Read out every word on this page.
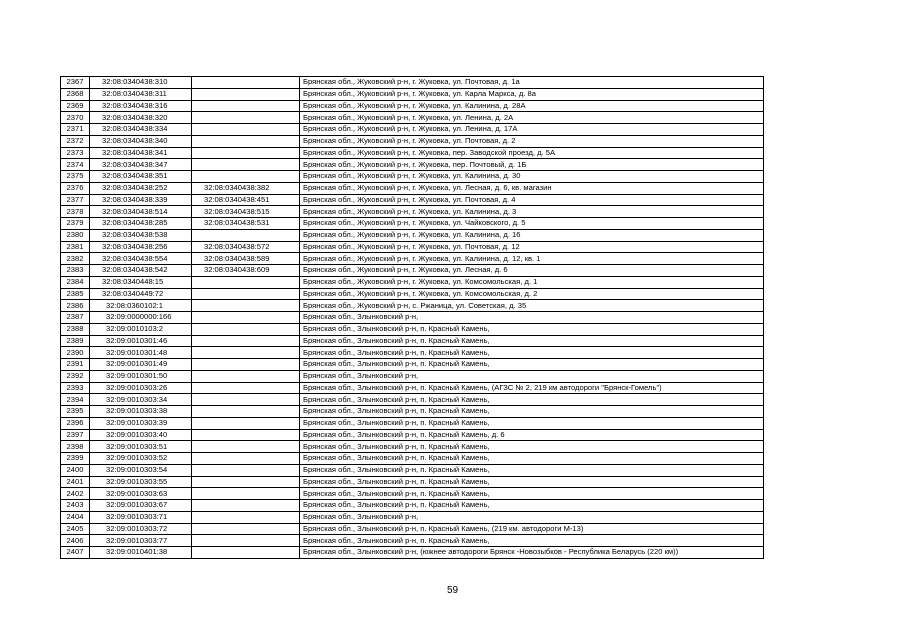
2367	32:08:0340438:310		Брянская обл., Жуковский р-н, г. Жуковка, ул. Почтовая, д. 1а
2368	32:08:0340438:311		Брянская обл., Жуковский р-н, г. Жуковка, ул. Карла Маркса, д. 8а
2369	32:08:0340438:316		Брянская обл., Жуковский р-н, г. Жуковка, ул. Калинина, д. 28А
2370	32:08:0340438:320		Брянская обл., Жуковский р-н, г. Жуковка, ул. Ленина, д. 2А
2371	32:08:0340438:334		Брянская обл., Жуковский р-н, г. Жуковка, ул. Ленина, д. 17А
2372	32:08:0340438:340		Брянская обл., Жуковский р-н, г. Жуковка, ул. Почтовая, д. 2
2373	32:08:0340438:341		Брянская обл., Жуковский р-н, г. Жуковка, пер. Заводской проезд, д. 5А
2374	32:08:0340438:347		Брянская обл., Жуковский р-н, г. Жуковка, пер. Почтовый, д. 1Б
2375	32:08:0340438:351		Брянская обл., Жуковский р-н, г. Жуковка, ул. Калинина, д. 30
2376	32:08:0340438:252	32:08:0340438:382	Брянская обл., Жуковский р-н, г. Жуковка, ул. Лесная, д. 6, кв. магазин
2377	32:08:0340438:339	32:08:0340438:451	Брянская обл., Жуковский р-н, г. Жуковка, ул. Почтовая, д. 4
2378	32:08:0340438:514	32:08:0340438:515	Брянская обл., Жуковский р-н, г. Жуковка, ул. Калинина, д. 3
2379	32:08:0340438:285	32:08:0340438:531	Брянская обл., Жуковский р-н, г. Жуковка, ул. Чайковского, д. 5
2380	32:08:0340438:538		Брянская обл., Жуковский р-н, г. Жуковка, ул. Калинина, д. 16
2381	32:08:0340438:256	32:08:0340438:572	Брянская обл., Жуковский р-н, г. Жуковка, ул. Почтовая, д. 12
2382	32:08:0340438:554	32:08:0340438:589	Брянская обл., Жуковский р-н, г. Жуковка, ул. Калинина, д. 12, кв. 1
2383	32:08:0340438:542	32:08:0340438:609	Брянская обл., Жуковский р-н, г. Жуковка, ул. Лесная, д. 6
2384	32:08:0340448:15		Брянская обл., Жуковский р-н, г. Жуковка, ул. Комсомольская, д. 1
2385	32:08:0340449:72		Брянская обл., Жуковский р-н, г. Жуковка, ул. Комсомольская, д. 2
2386	32:08:0360102:1		Брянская обл., Жуковский р-н, с. Ржаница, ул. Советская, д. 35
2387	32:09:0000000:166		Брянская обл., Злынковский р-н,
2388	32:09:0010103:2		Брянская обл., Злынковский р-н, п. Красный Камень,
2389	32:09:0010301:46		Брянская обл., Злынковский р-н, п. Красный Камень,
2390	32:09:0010301:48		Брянская обл., Злынковский р-н, п. Красный Камень,
2391	32:09:0010301:49		Брянская обл., Злынковский р-н, п. Красный Камень,
2392	32:09:0010301:50		Брянская обл., Злынковский р-н,
2393	32:09:0010303:26		Брянская обл., Злынковский р-н, п. Красный Камень, (АГЗС № 2, 219 км автодороги "Брянск-Гомель")
2394	32:09:0010303:34		Брянская обл., Злынковский р-н, п. Красный Камень,
2395	32:09:0010303:38		Брянская обл., Злынковский р-н, п. Красный Камень,
2396	32:09:0010303:39		Брянская обл., Злынковский р-н, п. Красный Камень,
2397	32:09:0010303:40		Брянская обл., Злынковский р-н, п. Красный Камень, д. 6
2398	32:09:0010303:51		Брянская обл., Злынковский р-н, п. Красный Камень,
2399	32:09:0010303:52		Брянская обл., Злынковский р-н, п. Красный Камень,
2400	32:09:0010303:54		Брянская обл., Злынковский р-н, п. Красный Камень,
2401	32:09:0010303:55		Брянская обл., Злынковский р-н, п. Красный Камень,
2402	32:09:0010303:63		Брянская обл., Злынковский р-н, п. Красный Камень,
2403	32:09:0010303:67		Брянская обл., Злынковский р-н, п. Красный Камень,
2404	32:09:0010303:71		Брянская обл., Злынковский р-н,
2405	32:09:0010303:72		Брянская обл., Злынковский р-н, п. Красный Камень, (219 км. автодороги М-13)
2406	32:09:0010303:77		Брянская обл., Злынковский р-н, п. Красный Камень,
2407	32:09:0010401:38		Брянская обл., Злынковский р-н, (южнее автодороги Брянск -Новозыбков - Республика Беларусь (220 км))
59
